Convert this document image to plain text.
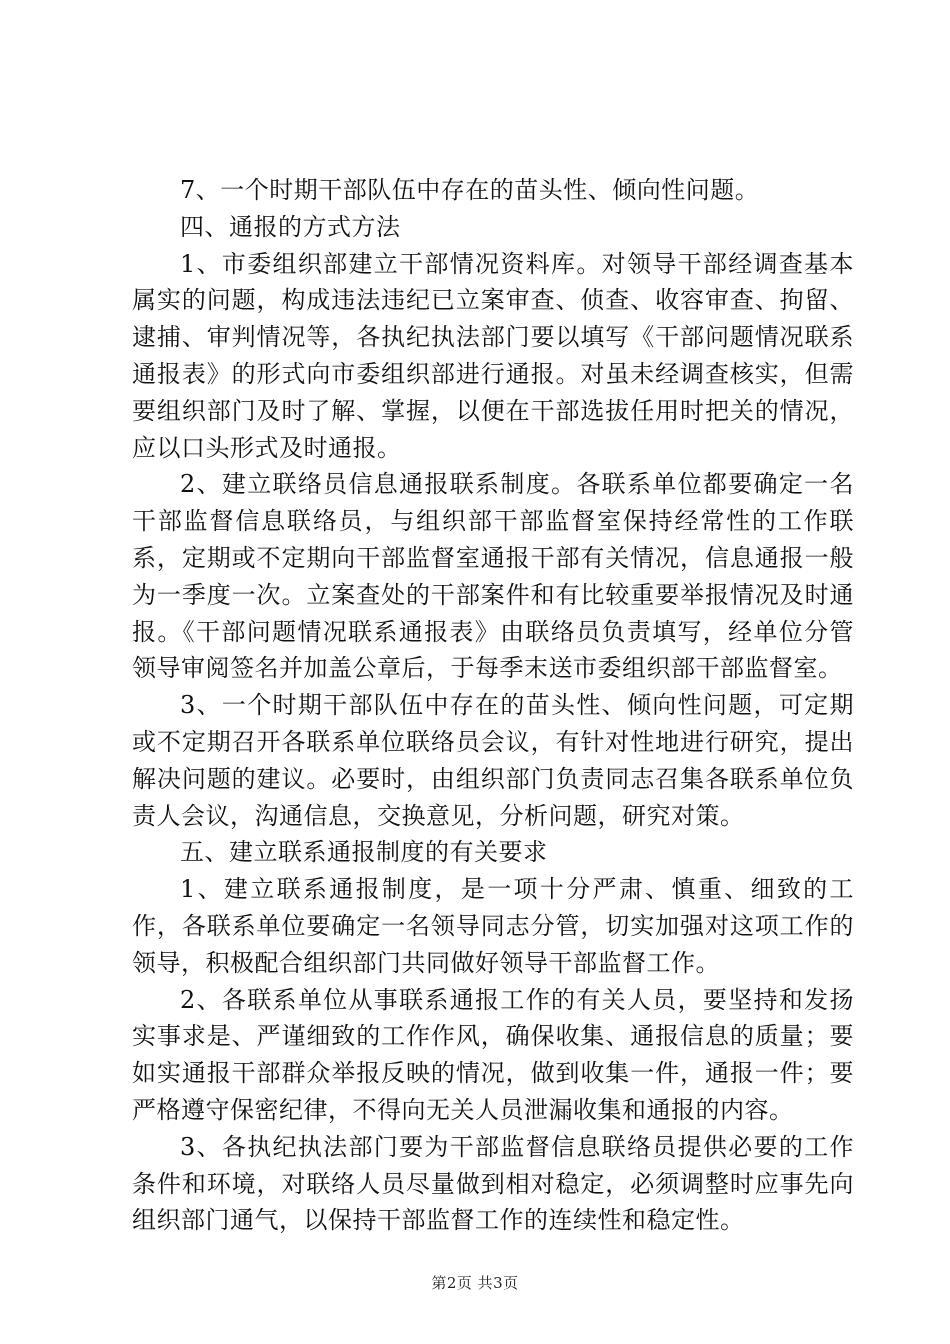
7、一个时期干部队伍中存在的苗头性、倾向性问题。

四、通报的方式方法

1、市委组织部建立干部情况资料库。对领导干部经调查基本属实的问题，构成违法违纪已立案审查、侦查、收容审查、拘留、逮捕、审判情况等，各执纪执法部门要以填写《干部问题情况联系通报表》的形式向市委组织部进行通报。对虽未经调查核实，但需要组织部门及时了解、掌握，以便在干部选拔任用时把关的情况，应以口头形式及时通报。

2、建立联络员信息通报联系制度。各联系单位都要确定一名干部监督信息联络员，与组织部干部监督室保持经常性的工作联系，定期或不定期向干部监督室通报干部有关情况，信息通报一般为一季度一次。立案查处的干部案件和有比较重要举报情况及时通报。《干部问题情况联系通报表》由联络员负责填写，经单位分管领导审阅签名并加盖公章后，于每季末送市委组织部干部监督室。

3、一个时期干部队伍中存在的苗头性、倾向性问题，可定期或不定期召开各联系单位联络员会议，有针对性地进行研究，提出解决问题的建议。必要时，由组织部门负责同志召集各联系单位负责人会议，沟通信息，交换意见，分析问题，研究对策。

五、建立联系通报制度的有关要求

1、建立联系通报制度，是一项十分严肃、慎重、细致的工作，各联系单位要确定一名领导同志分管，切实加强对这项工作的领导，积极配合组织部门共同做好领导干部监督工作。

2、各联系单位从事联系通报工作的有关人员，要坚持和发扬实事求是、严谨细致的工作作风，确保收集、通报信息的质量；要如实通报干部群众举报反映的情况，做到收集一件，通报一件；要严格遵守保密纪律，不得向无关人员泄漏收集和通报的内容。

3、各执纪执法部门要为干部监督信息联络员提供必要的工作条件和环境，对联络人员尽量做到相对稳定，必须调整时应事先向组织部门通气，以保持干部监督工作的连续性和稳定性。

第2页 共3页
